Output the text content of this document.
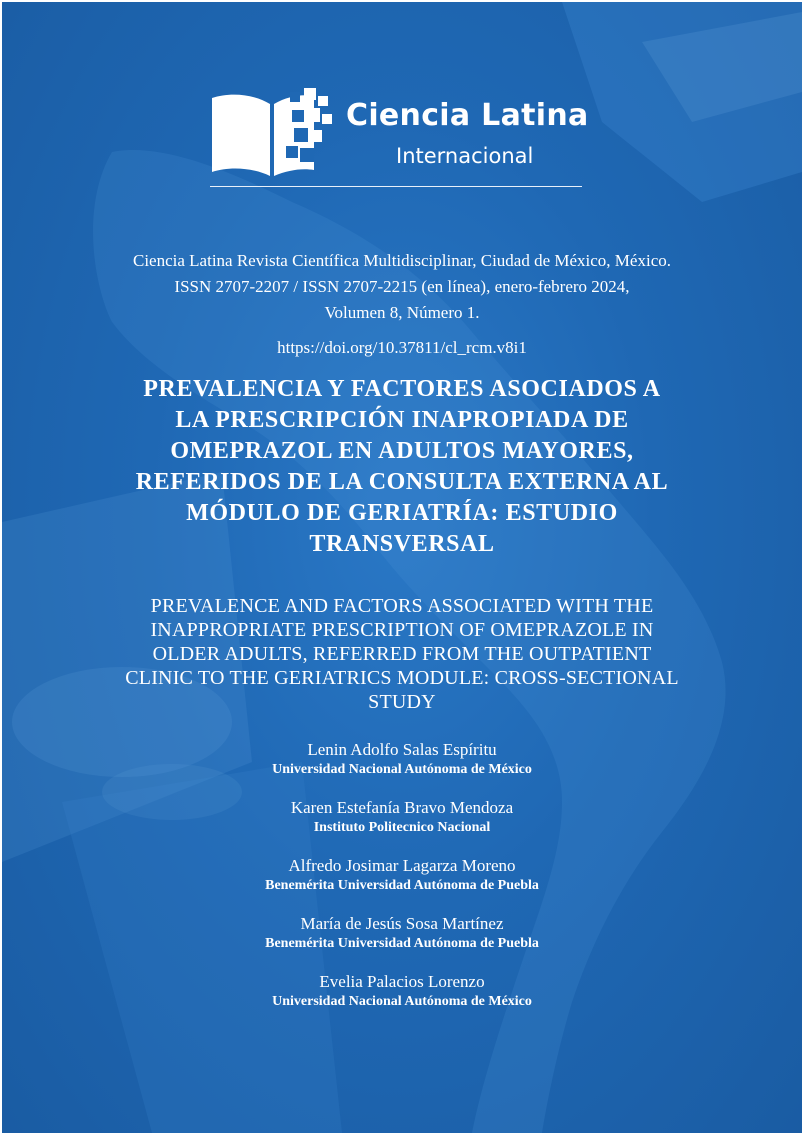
Ciencia Latina
Internacional
Ciencia Latina Revista Científica Multidisciplinar, Ciudad de México, México.
ISSN 2707-2207 / ISSN 2707-2215 (en línea), enero-febrero 2024,
Volumen 8, Número 1.
https://doi.org/10.37811/cl_rcm.v8i1
PREVALENCIA Y FACTORES ASOCIADOS A
LA PRESCRIPCIÓN INAPROPIADA DE
OMEPRAZOL EN ADULTOS MAYORES,
REFERIDOS DE LA CONSULTA EXTERNA AL
MÓDULO DE GERIATRÍA: ESTUDIO
TRANSVERSAL
PREVALENCE AND FACTORS ASSOCIATED WITH THE
INAPPROPRIATE PRESCRIPTION OF OMEPRAZOLE IN
OLDER ADULTS, REFERRED FROM THE OUTPATIENT
CLINIC TO THE GERIATRICS MODULE: CROSS-SECTIONAL
STUDY
Lenin Adolfo Salas Espíritu
Universidad Nacional Autónoma de México
Karen Estefanía Bravo Mendoza
Instituto Politecnico Nacional
Alfredo Josimar Lagarza Moreno
Benemérita Universidad Autónoma de Puebla
María de Jesús Sosa Martínez
Benemérita Universidad Autónoma de Puebla
Evelia Palacios Lorenzo
Universidad Nacional Autónoma de México
